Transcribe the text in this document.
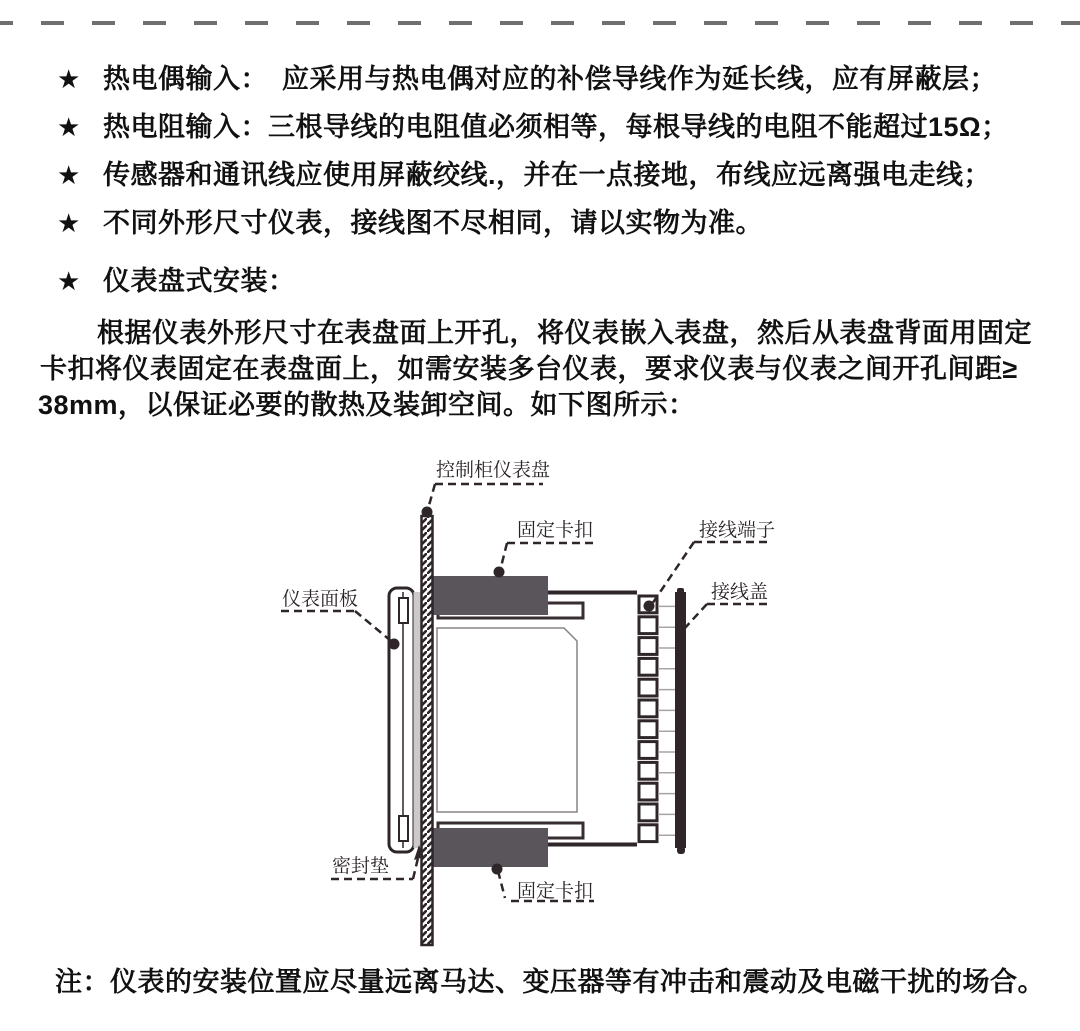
★ 热电偶输入：　应采用与热电偶对应的补偿导线作为延长线，应有屏蔽层；
★ 热电阻输入：三根导线的电阻值必须相等，每根导线的电阻不能超过15Ω；
★ 传感器和通讯线应使用屏蔽绞线.，并在一点接地，布线应远离强电走线；
★ 不同外形尺寸仪表，接线图不尽相同，请以实物为准。
★ 仪表盘式安装：
根据仪表外形尺寸在表盘面上开孔，将仪表嵌入表盘，然后从表盘背面用固定
卡扣将仪表固定在表盘面上，如需安装多台仪表，要求仪表与仪表之间开孔间距≥
38mm，以保证必要的散热及装卸空间。如下图所示：
控制柜仪表盘
固定卡扣	接线端子
接线盖
仪表面板
密封垫
固定卡扣
注：仪表的安装位置应尽量远离马达、变压器等有冲击和震动及电磁干扰的场合。
